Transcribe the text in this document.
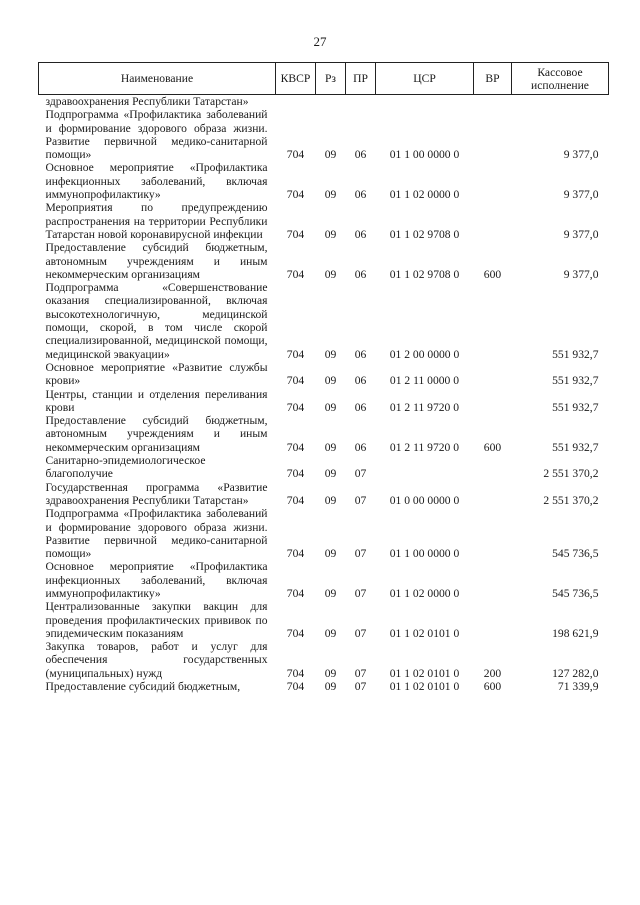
27
Наименование	КВСР	Рз	ПР	ЦСР	ВР	Кассовое
исполнение

здравоохранения Республики Татарстан»						
Подпрограмма «Профилактика заболеваний и формирование здорового образа жизни. Развитие первичной медико-санитарной помощи»	704	09	06	01 1 00 0000 0		9 377,0
Основное мероприятие «Профилактика инфекционных заболеваний, включая иммунопрофилактику»	704	09	06	01 1 02 0000 0		9 377,0
Мероприятия по предупреждению распространения на территории Республики Татарстан новой коронавирусной инфекции	704	09	06	01 1 02 9708 0		9 377,0
Предоставление субсидий бюджетным, автономным учреждениям и иным некоммерческим организациям	704	09	06	01 1 02 9708 0	600	9 377,0
Подпрограмма «Совершенствование оказания специализированной, включая высокотехнологичную, медицинской помощи, скорой, в том числе скорой специализированной, медицинской помощи, медицинской эвакуации»	704	09	06	01 2 00 0000 0		551 932,7
Основное мероприятие «Развитие службы крови»	704	09	06	01 2 11 0000 0		551 932,7
Центры, станции и отделения переливания крови	704	09	06	01 2 11 9720 0		551 932,7
Предоставление субсидий бюджетным, автономным учреждениям и иным некоммерческим организациям	704	09	06	01 2 11 9720 0	600	551 932,7
Санитарно-эпидемиологическое благополучие	704	09	07			2 551 370,2
Государственная программа «Развитие здравоохранения Республики Татарстан»	704	09	07	01 0 00 0000 0		2 551 370,2
Подпрограмма «Профилактика заболеваний и формирование здорового образа жизни. Развитие первичной медико-санитарной помощи»	704	09	07	01 1 00 0000 0		545 736,5
Основное мероприятие «Профилактика инфекционных заболеваний, включая иммунопрофилактику»	704	09	07	01 1 02 0000 0		545 736,5
Централизованные закупки вакцин для проведения профилактических прививок по эпидемическим показаниям	704	09	07	01 1 02 0101 0		198 621,9
Закупка товаров, работ и услуг для обеспечения государственных (муниципальных) нужд	704	09	07	01 1 02 0101 0	200	127 282,0
Предоставление субсидий бюджетным,	704	09	07	01 1 02 0101 0	600	71 339,9
